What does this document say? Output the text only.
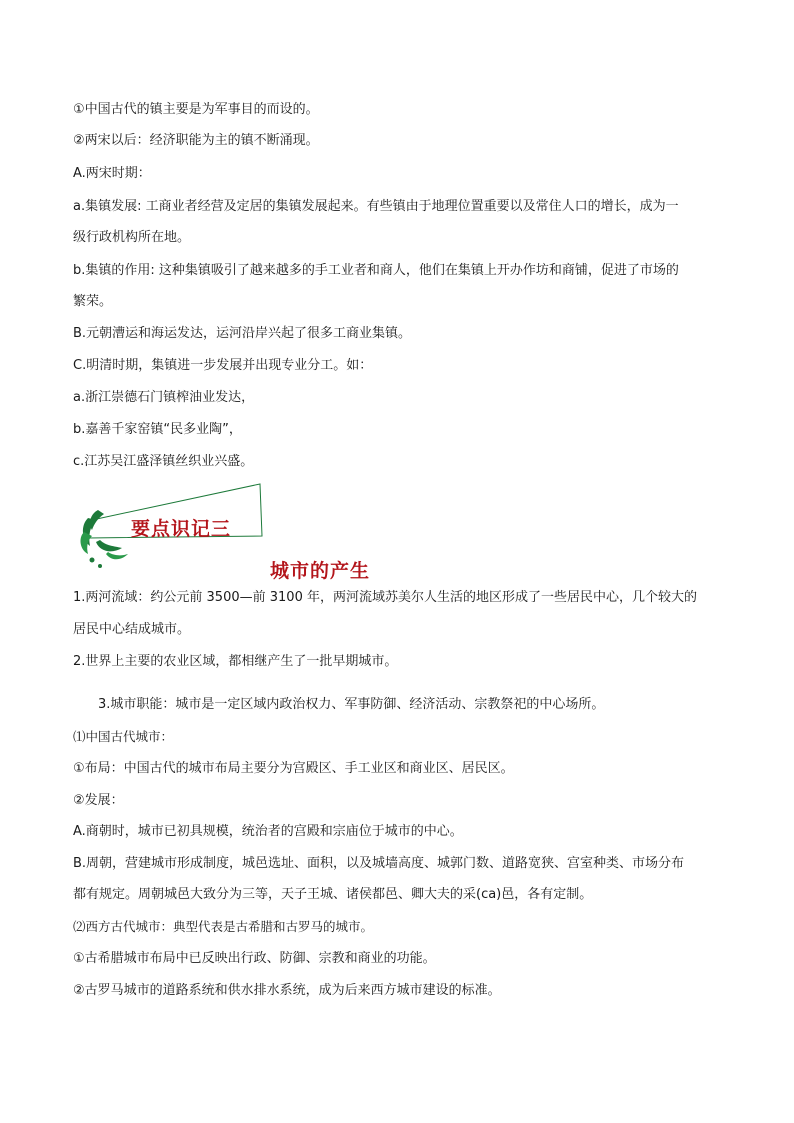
①中国古代的镇主要是为军事目的而设的。
②两宋以后：经济职能为主的镇不断涌现。
A.两宋时期：
a.集镇发展: 工商业者经营及定居的集镇发展起来。有些镇由于地理位置重要以及常住人口的增长，成为一
级行政机构所在地。
b.集镇的作用: 这种集镇吸引了越来越多的手工业者和商人，他们在集镇上开办作坊和商铺，促进了市场的
繁荣。
B.元朝漕运和海运发达，运河沿岸兴起了很多工商业集镇。
C.明清时期，集镇进一步发展并出现专业分工。如：
a.浙江崇德石门镇榨油业发达，
b.嘉善千家窑镇“民多业陶”，
c.江苏吴江盛泽镇丝织业兴盛。
要点识记三
城市的产生
1.两河流域：约公元前 3500—前 3100 年，两河流域苏美尔人生活的地区形成了一些居民中心，几个较大的
居民中心结成城市。
2.世界上主要的农业区域，都相继产生了一批早期城市。
3.城市职能：城市是一定区域内政治权力、军事防御、经济活动、宗教祭祀的中心场所。
⑴中国古代城市：
①布局：中国古代的城市布局主要分为宫殿区、手工业区和商业区、居民区。
②发展：
A.商朝时，城市已初具规模，统治者的宫殿和宗庙位于城市的中心。
B.周朝，营建城市形成制度，城邑选址、面积，以及城墙高度、城郭门数、道路宽狭、宫室种类、市场分布
都有规定。周朝城邑大致分为三等，天子王城、诸侯都邑、卿大夫的采(ca)邑，各有定制。
⑵西方古代城市：典型代表是古希腊和古罗马的城市。
①古希腊城市布局中已反映出行政、防御、宗教和商业的功能。
②古罗马城市的道路系统和供水排水系统，成为后来西方城市建设的标准。
